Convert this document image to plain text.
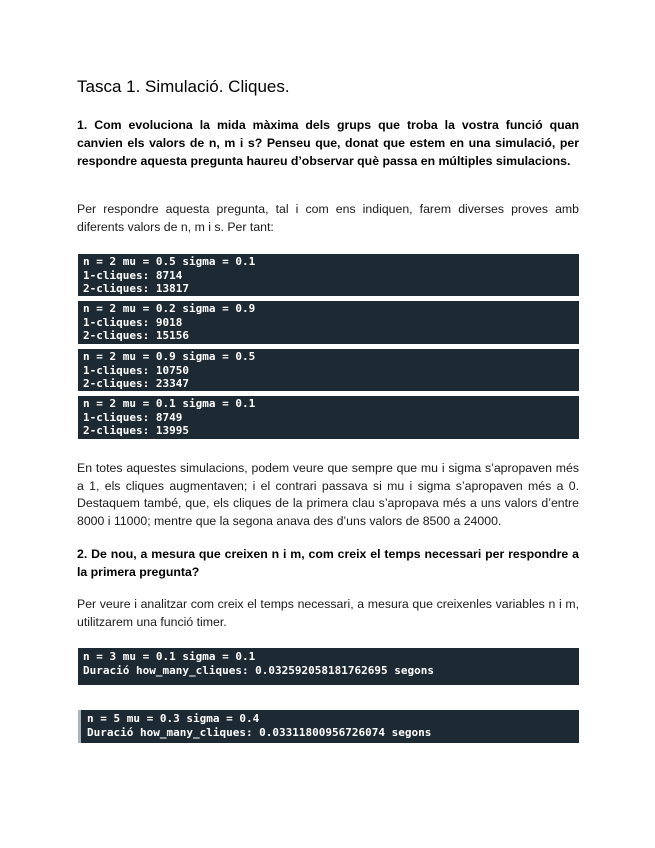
Tasca 1. Simulació. Cliques.

1. Com evoluciona la mida màxima dels grups que troba la vostra funció quan canvien els valors de n, m i s? Penseu que, donat que estem en una simulació, per respondre aquesta pregunta haureu d’observar què passa en múltiples simulacions.

Per respondre aquesta pregunta, tal i com ens indiquen, farem diverses proves amb diferents valors de n, m i s. Per tant:

n = 2 mu = 0.5 sigma = 0.1
1-cliques: 8714
2-cliques: 13817
n = 2 mu = 0.2 sigma = 0.9
1-cliques: 9018
2-cliques: 15156
n = 2 mu = 0.9 sigma = 0.5
1-cliques: 10750
2-cliques: 23347
n = 2 mu = 0.1 sigma = 0.1
1-cliques: 8749
2-cliques: 13995

En totes aquestes simulacions, podem veure que sempre que mu i sigma s’apropaven més a 1, els cliques augmentaven; i el contrari passava si mu i sigma s’apropaven més a 0. Destaquem també, que, els cliques de la primera clau s’apropava més a uns valors d’entre 8000 i 11000; mentre que la segona anava des d’uns valors de 8500 a 24000.

2. De nou, a mesura que creixen n i m, com creix el temps necessari per respondre a la primera pregunta?

Per veure i analitzar com creix el temps necessari, a mesura que creixenles variables n i m, utilitzarem una funció timer.

n = 3 mu = 0.1 sigma = 0.1
Duració how_many_cliques: 0.032592058181762695 segons
n = 5 mu = 0.3 sigma = 0.4
Duració how_many_cliques: 0.03311800956726074 segons
